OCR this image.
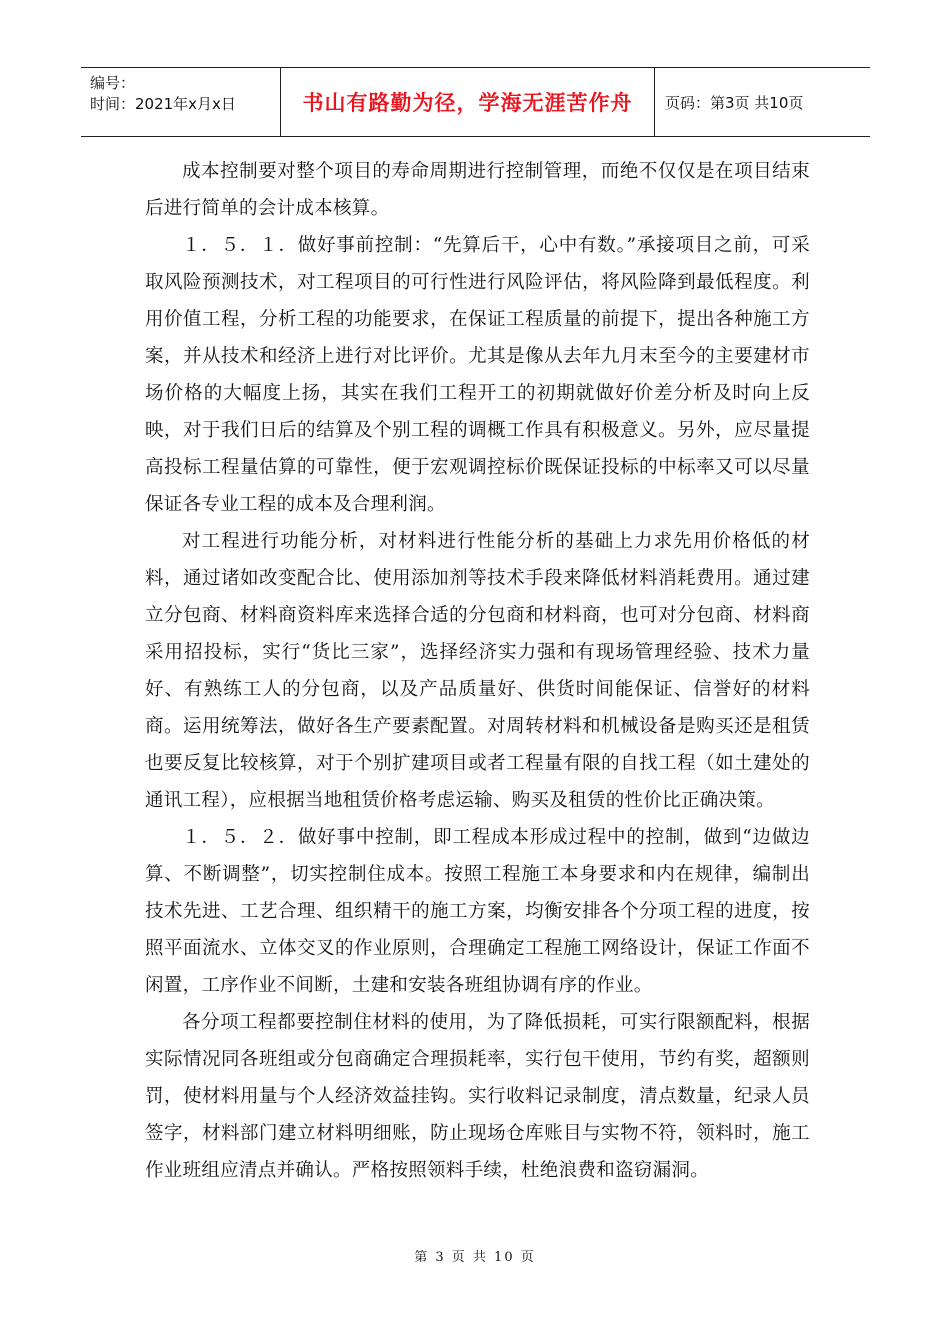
编号：
时间：2021年x月x日	书山有路勤为径，学海无涯苦作舟	页码：第3页 共10页

成本控制要对整个项目的寿命周期进行控制管理，而绝不仅仅是在项目结束后进行简单的会计成本核算。

１．５．１．做好事前控制：“先算后干，心中有数。”承接项目之前，可采取风险预测技术，对工程项目的可行性进行风险评估，将风险降到最低程度。利用价值工程，分析工程的功能要求，在保证工程质量的前提下，提出各种施工方案，并从技术和经济上进行对比评价。尤其是像从去年九月末至今的主要建材市场价格的大幅度上扬，其实在我们工程开工的初期就做好价差分析及时向上反映，对于我们日后的结算及个别工程的调概工作具有积极意义。另外，应尽量提高投标工程量估算的可靠性，便于宏观调控标价既保证投标的中标率又可以尽量保证各专业工程的成本及合理利润。

对工程进行功能分析，对材料进行性能分析的基础上力求先用价格低的材料，通过诸如改变配合比、使用添加剂等技术手段来降低材料消耗费用。通过建立分包商、材料商资料库来选择合适的分包商和材料商，也可对分包商、材料商采用招投标，实行“货比三家”，选择经济实力强和有现场管理经验、技术力量好、有熟练工人的分包商，以及产品质量好、供货时间能保证、信誉好的材料商。运用统筹法，做好各生产要素配置。对周转材料和机械设备是购买还是租赁也要反复比较核算，对于个别扩建项目或者工程量有限的自找工程（如土建处的通讯工程），应根据当地租赁价格考虑运输、购买及租赁的性价比正确决策。

１．５．２．做好事中控制，即工程成本形成过程中的控制，做到“边做边算、不断调整”，切实控制住成本。按照工程施工本身要求和内在规律，编制出技术先进、工艺合理、组织精干的施工方案，均衡安排各个分项工程的进度，按照平面流水、立体交叉的作业原则，合理确定工程施工网络设计，保证工作面不闲置，工序作业不间断，土建和安装各班组协调有序的作业。

各分项工程都要控制住材料的使用，为了降低损耗，可实行限额配料，根据实际情况同各班组或分包商确定合理损耗率，实行包干使用，节约有奖，超额则罚，使材料用量与个人经济效益挂钩。实行收料记录制度，清点数量，纪录人员签字，材料部门建立材料明细账，防止现场仓库账目与实物不符，领料时，施工作业班组应清点并确认。严格按照领料手续，杜绝浪费和盗窃漏洞。

第 3 页 共 10 页
